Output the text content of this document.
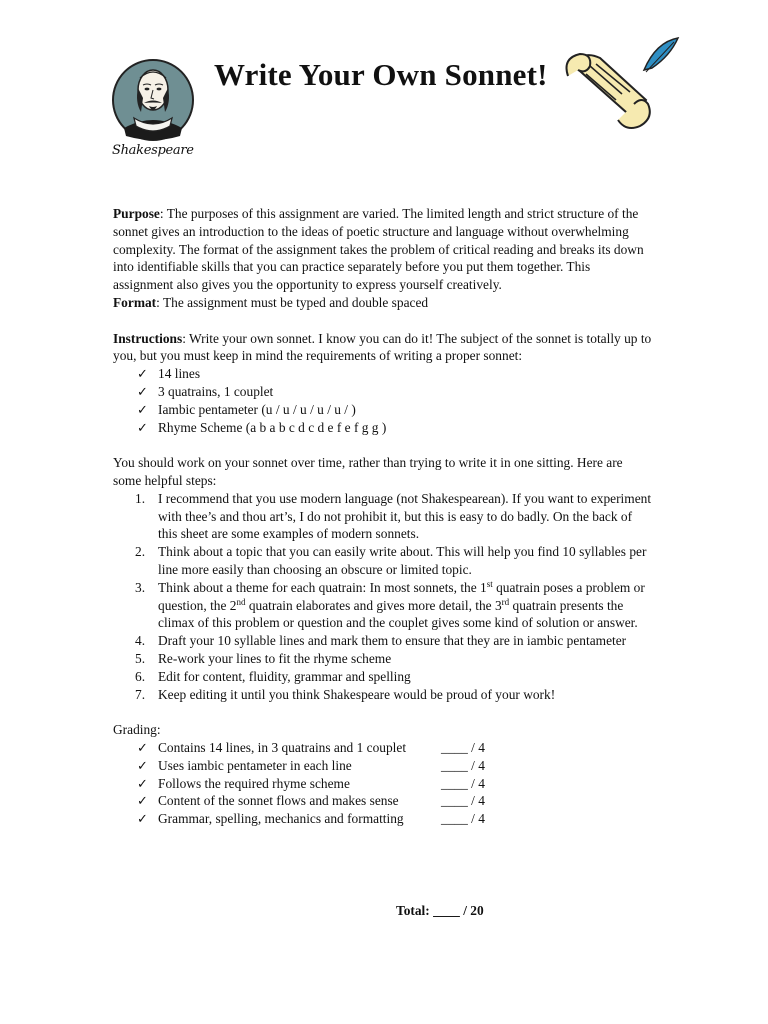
Shakespeare
Write Your Own Sonnet!

Purpose: The purposes of this assignment are varied. The limited length and strict structure of the sonnet gives an introduction to the ideas of poetic structure and language without overwhelming complexity. The format of the assignment takes the problem of critical reading and breaks its down into identifiable skills that you can practice separately before you put them together. This assignment also gives you the opportunity to express yourself creatively.

Format: The assignment must be typed and double spaced

Instructions: Write your own sonnet. I know you can do it! The subject of the sonnet is totally up to you, but you must keep in mind the requirements of writing a proper sonnet:

✓ 14 lines
✓ 3 quatrains, 1 couplet
✓ Iambic pentameter (u / u / u / u / u / )
✓ Rhyme Scheme (a b a b c d c d e f e f g g )

You should work on your sonnet over time, rather than trying to write it in one sitting. Here are some helpful steps:

1. I recommend that you use modern language (not Shakespearean). If you want to experiment with thee’s and thou art’s, I do not prohibit it, but this is easy to do badly. On the back of this sheet are some examples of modern sonnets.
2. Think about a topic that you can easily write about. This will help you find 10 syllables per line more easily than choosing an obscure or limited topic.
3. Think about a theme for each quatrain: In most sonnets, the 1st quatrain poses a problem or question, the 2nd quatrain elaborates and gives more detail, the 3rd quatrain presents the climax of this problem or question and the couplet gives some kind of solution or answer.
4. Draft your 10 syllable lines and mark them to ensure that they are in iambic pentameter
5. Re-work your lines to fit the rhyme scheme
6. Edit for content, fluidity, grammar and spelling
7. Keep editing it until you think Shakespeare would be proud of your work!

Grading:

✓ Contains 14 lines, in 3 quatrains and 1 couplet	____ / 4
✓ Uses iambic pentameter in each line	____ / 4
✓ Follows the required rhyme scheme	____ / 4
✓ Content of the sonnet flows and makes sense	____ / 4
✓ Grammar, spelling, mechanics and formatting	____ / 4
Total: ____ / 20
